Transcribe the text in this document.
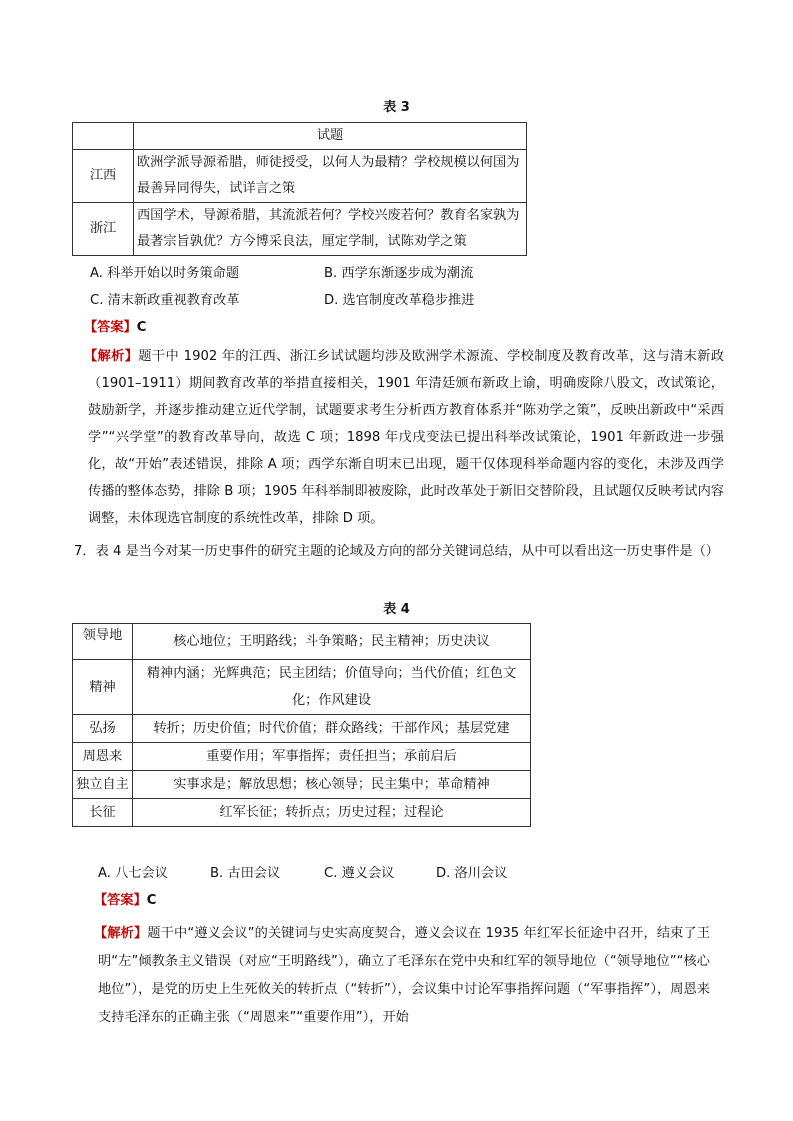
表 3
	试题
江西	欧洲学派导源希腊，师徒授受，以何人为最精？学校规模以何国为最善异同得失，试详言之策
浙江	西国学术，导源希腊，其流派若何？学校兴废若何？教育名家孰为最著宗旨孰优？方今博采良法，厘定学制，试陈劝学之策
A. 科举开始以时务策命题	B. 西学东渐逐步成为潮流
C. 清末新政重视教育改革	D. 选官制度改革稳步推进
【答案】C
【解析】题干中 1902 年的江西、浙江乡试试题均涉及欧洲学术源流、学校制度及教育改革，这与清末新政（1901–1911）期间教育改革的举措直接相关，1901 年清廷颁布新政上谕，明确废除八股文，改试策论，鼓励新学，并逐步推动建立近代学制，试题要求考生分析西方教育体系并“陈劝学之策”，反映出新政中“采西学”“兴学堂”的教育改革导向，故选 C 项；1898 年戊戌变法已提出科举改试策论，1901 年新政进一步强化，故“开始”表述错误，排除 A 项；西学东渐自明末已出现，题干仅体现科举命题内容的变化，未涉及西学传播的整体态势，排除 B 项；1905 年科举制即被废除，此时改革处于新旧交替阶段，且试题仅反映考试内容调整，未体现选官制度的系统性改革，排除 D 项。
7．表 4 是当今对某一历史事件的研究主题的论域及方向的部分关键词总结，从中可以看出这一历史事件是（）
表 4
领导地	核心地位；王明路线；斗争策略；民主精神；历史决议
精神	精神内涵；光辉典范；民主团结；价值导向；当代价值；红色文化；作风建设
弘扬	转折；历史价值；时代价值；群众路线；干部作风；基层党建
周恩来	重要作用；军事指挥；责任担当；承前启后
独立自主	实事求是；解放思想；核心领导；民主集中；革命精神
长征	红军长征；转折点；历史过程；过程论
A. 八七会议	B. 古田会议	C. 遵义会议	D. 洛川会议
【答案】C
【解析】题干中“遵义会议”的关键词与史实高度契合，遵义会议在 1935 年红军长征途中召开，结束了王明“左”倾教条主义错误（对应“王明路线”），确立了毛泽东在党中央和红军的领导地位（“领导地位”“核心地位”），是党的历史上生死攸关的转折点（“转折”），会议集中讨论军事指挥问题（“军事指挥”），周恩来支持毛泽东的正确主张（“周恩来”“重要作用”），开始
